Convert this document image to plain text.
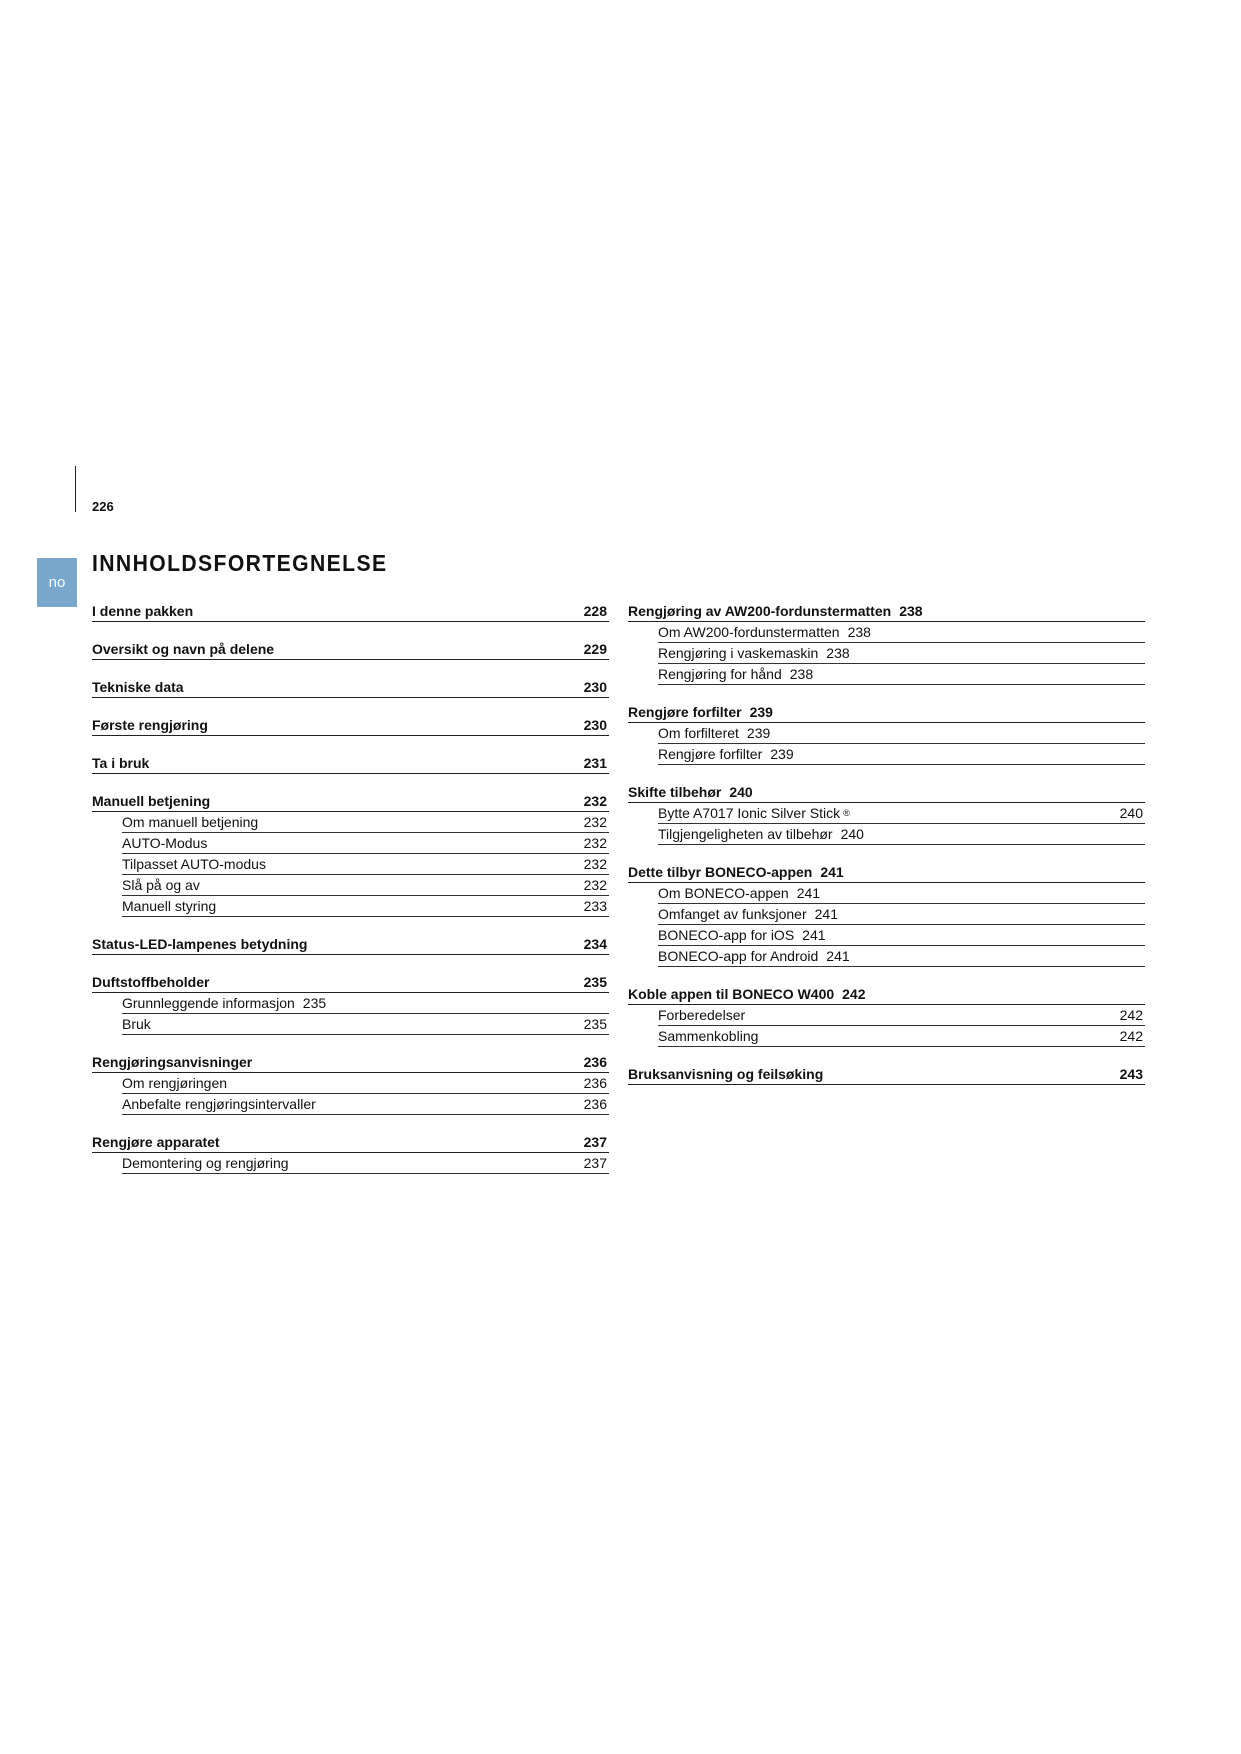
226
no
INNHOLDSFORTEGNELSE
I denne pakken	228
Oversikt og navn på delene	229
Tekniske data	230
Første rengjøring	230
Ta i bruk	231
Manuell betjening	232
Om manuell betjening	232
AUTO-Modus	232
Tilpasset AUTO-modus	232
Slå på og av	232
Manuell styring	233
Status-LED-lampenes betydning	234
Duftstoffbeholder	235
Grunnleggende informasjon 235
Bruk	235
Rengjøringsanvisninger	236
Om rengjøringen	236
Anbefalte rengjøringsintervaller	236
Rengjøre apparatet	237
Demontering og rengjøring	237
Rengjøring av AW200-fordunstermatten 238
Om AW200-fordunstermatten 238
Rengjøring i vaskemaskin 238
Rengjøring for hånd 238
Rengjøre forfilter 239
Om forfilteret 239
Rengjøre forfilter 239
Skifte tilbehør 240
Bytte A7017 Ionic Silver Stick ®	240
Tilgjengeligheten av tilbehør 240
Dette tilbyr BONECO-appen 241
Om BONECO-appen 241
Omfanget av funksjoner 241
BONECO-app for iOS 241
BONECO-app for Android 241
Koble appen til BONECO W400 242
Forberedelser	242
Sammenkobling	242
Bruksanvisning og feilsøking	243
